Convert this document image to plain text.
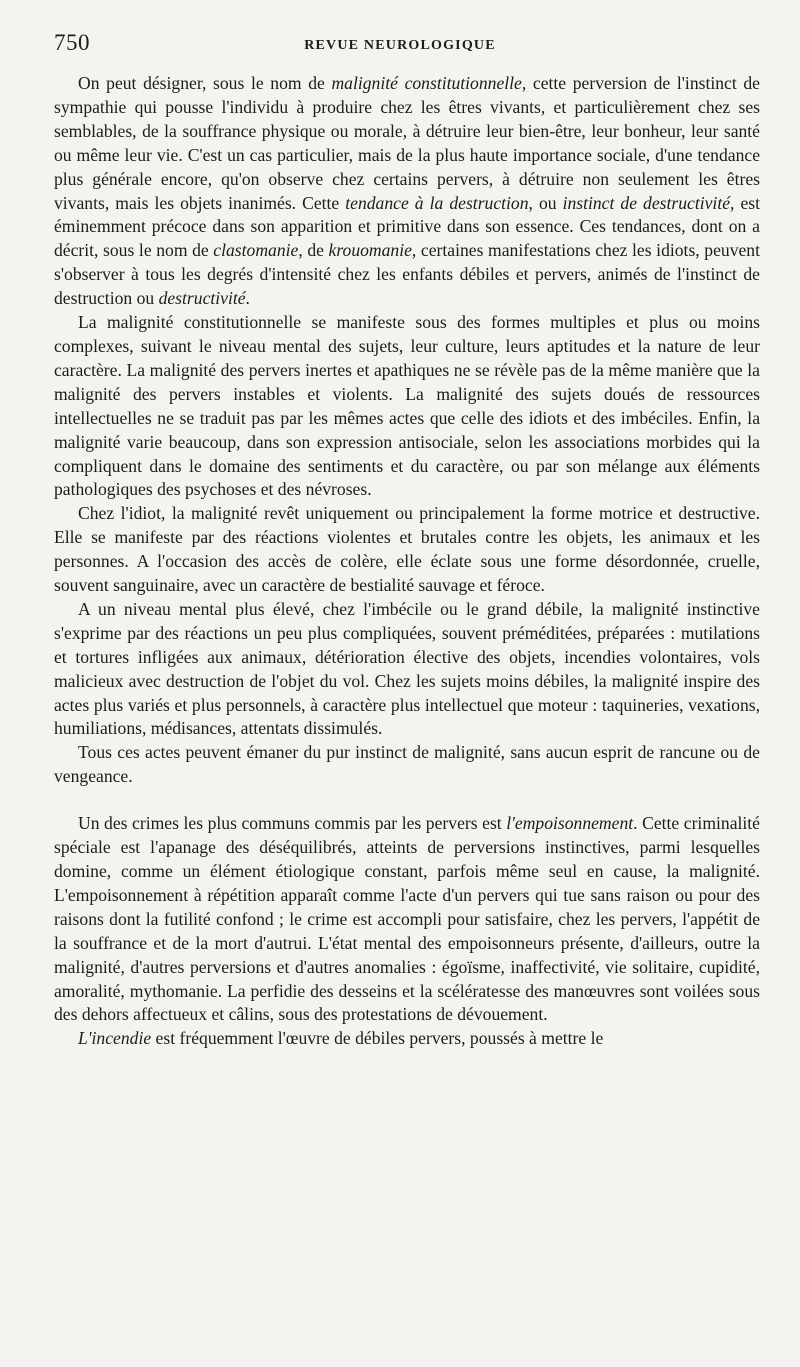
750	REVUE NEUROLOGIQUE

On peut désigner, sous le nom de malignité constitutionnelle, cette perversion de l'instinct de sympathie qui pousse l'individu à produire chez les êtres vivants, et particulièrement chez ses semblables, de la souffrance physique ou morale, à détruire leur bien-être, leur bonheur, leur santé ou même leur vie. C'est un cas particulier, mais de la plus haute importance sociale, d'une tendance plus générale encore, qu'on observe chez certains pervers, à détruire non seulement les êtres vivants, mais les objets inanimés. Cette tendance à la destruction, ou instinct de destructivité, est éminemment précoce dans son apparition et primitive dans son essence. Ces tendances, dont on a décrit, sous le nom de clastomanie, de krouomanie, certaines manifestations chez les idiots, peuvent s'observer à tous les degrés d'intensité chez les enfants débiles et pervers, animés de l'instinct de destruction ou destructivité.

La malignité constitutionnelle se manifeste sous des formes multiples et plus ou moins complexes, suivant le niveau mental des sujets, leur culture, leurs aptitudes et la nature de leur caractère. La malignité des pervers inertes et apathiques ne se révèle pas de la même manière que la malignité des pervers instables et violents. La malignité des sujets doués de ressources intellectuelles ne se traduit pas par les mêmes actes que celle des idiots et des imbéciles. Enfin, la malignité varie beaucoup, dans son expression antisociale, selon les associations morbides qui la compliquent dans le domaine des sentiments et du caractère, ou par son mélange aux éléments pathologiques des psychoses et des névroses.

Chez l'idiot, la malignité revêt uniquement ou principalement la forme motrice et destructive. Elle se manifeste par des réactions violentes et brutales contre les objets, les animaux et les personnes. A l'occasion des accès de colère, elle éclate sous une forme désordonnée, cruelle, souvent sanguinaire, avec un caractère de bestialité sauvage et féroce.

A un niveau mental plus élevé, chez l'imbécile ou le grand débile, la malignité instinctive s'exprime par des réactions un peu plus compliquées, souvent préméditées, préparées : mutilations et tortures infligées aux animaux, détérioration élective des objets, incendies volontaires, vols malicieux avec destruction de l'objet du vol. Chez les sujets moins débiles, la malignité inspire des actes plus variés et plus personnels, à caractère plus intellectuel que moteur : taquineries, vexations, humiliations, médisances, attentats dissimulés.

Tous ces actes peuvent émaner du pur instinct de malignité, sans aucun esprit de rancune ou de vengeance.

Un des crimes les plus communs commis par les pervers est l'empoisonnement. Cette criminalité spéciale est l'apanage des déséquilibrés, atteints de perversions instinctives, parmi lesquelles domine, comme un élément étiologique constant, parfois même seul en cause, la malignité. L'empoisonnement à répétition apparaît comme l'acte d'un pervers qui tue sans raison ou pour des raisons dont la futilité confond ; le crime est accompli pour satisfaire, chez les pervers, l'appétit de la souffrance et de la mort d'autrui. L'état mental des empoisonneurs présente, d'ailleurs, outre la malignité, d'autres perversions et d'autres anomalies : égoïsme, inaffectivité, vie solitaire, cupidité, amoralité, mythomanie. La perfidie des desseins et la scélératesse des manœuvres sont voilées sous des dehors affectueux et câlins, sous des protestations de dévouement.

L'incendie est fréquemment l'œuvre de débiles pervers, poussés à mettre le
